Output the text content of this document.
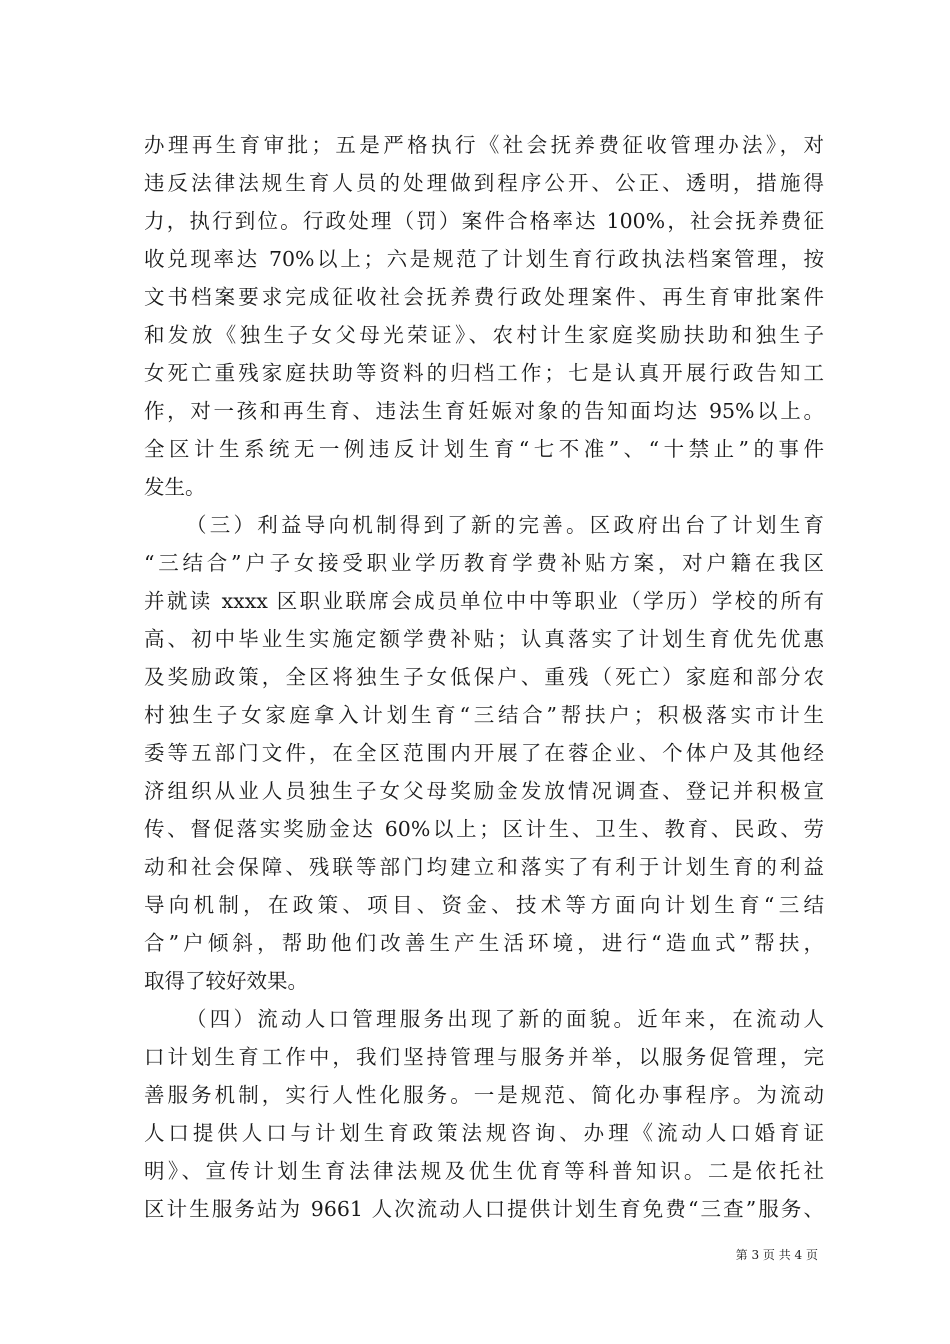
办理再生育审批；五是严格执行《社会抚养费征收管理办法》，对
违反法律法规生育人员的处理做到程序公开、公正、透明，措施得
力，执行到位。行政处理（罚）案件合格率达 100%，社会抚养费征
收兑现率达 70%以上；六是规范了计划生育行政执法档案管理，按
文书档案要求完成征收社会抚养费行政处理案件、再生育审批案件
和发放《独生子女父母光荣证》、农村计生家庭奖励扶助和独生子
女死亡重残家庭扶助等资料的归档工作；七是认真开展行政告知工
作，对一孩和再生育、违法生育妊娠对象的告知面均达 95%以上。
全区计生系统无一例违反计划生育“七不准”、“十禁止”的事件
发生。
（三）利益导向机制得到了新的完善。区政府出台了计划生育
“三结合”户子女接受职业学历教育学费补贴方案，对户籍在我区
并就读 xxxx 区职业联席会成员单位中中等职业（学历）学校的所有
高、初中毕业生实施定额学费补贴；认真落实了计划生育优先优惠
及奖励政策，全区将独生子女低保户、重残（死亡）家庭和部分农
村独生子女家庭拿入计划生育“三结合”帮扶户；积极落实市计生
委等五部门文件，在全区范围内开展了在蓉企业、个体户及其他经
济组织从业人员独生子女父母奖励金发放情况调查、登记并积极宣
传、督促落实奖励金达 60%以上；区计生、卫生、教育、民政、劳
动和社会保障、残联等部门均建立和落实了有利于计划生育的利益
导向机制，在政策、项目、资金、技术等方面向计划生育“三结
合”户倾斜，帮助他们改善生产生活环境，进行“造血式”帮扶，
取得了较好效果。
（四）流动人口管理服务出现了新的面貌。近年来，在流动人
口计划生育工作中，我们坚持管理与服务并举，以服务促管理，完
善服务机制，实行人性化服务。一是规范、简化办事程序。为流动
人口提供人口与计划生育政策法规咨询、办理《流动人口婚育证
明》、宣传计划生育法律法规及优生优育等科普知识。二是依托社
区计生服务站为 9661 人次流动人口提供计划生育免费“三查”服务、
第 3 页 共 4 页
